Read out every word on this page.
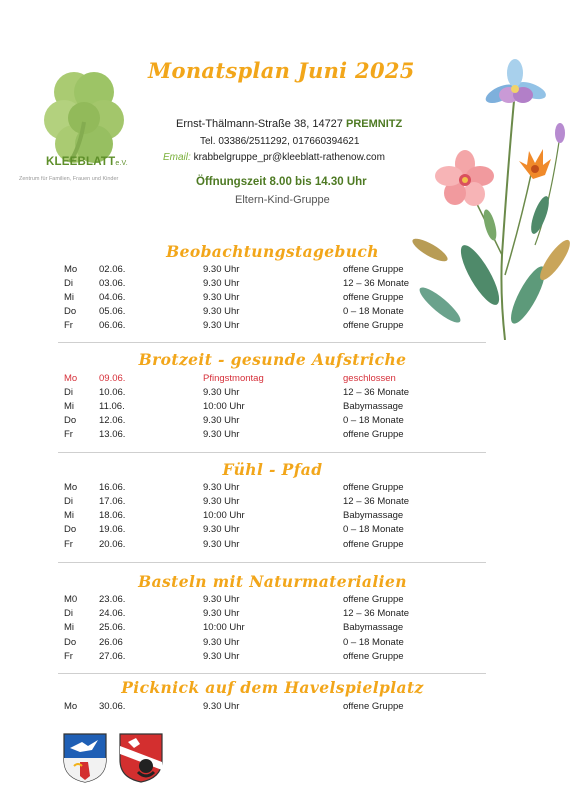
Monatsplan Juni 2025
KLEEBLATTe.V.
Zentrum für Familien, Frauen und Kinder
Ernst-Thälmann-Straße 38, 14727 PREMNITZ
Tel. 03386/2511292, 017660394621
Email: krabbelgruppe_pr@kleeblatt-rathenow.com
Öffnungszeit 8.00 bis 14.30 Uhr
Eltern-Kind-Gruppe
Beobachtungstagebuch
Mo 02.06.	9.30 Uhr	offene Gruppe
Di	03.06.	9.30 Uhr	12 – 36 Monate
Mi	04.06.	9.30 Uhr	offene Gruppe
Do 05.06.	9.30 Uhr	0 – 18 Monate
Fr	06.06.	9.30 Uhr	offene Gruppe
Brotzeit - gesunde Aufstriche
Mo 09.06.	Pfingstmontag	geschlossen
Di	10.06.	9.30 Uhr	12 – 36 Monate
Mi	11.06.	10:00 Uhr	Babymassage
Do 12.06.	9.30 Uhr	0 – 18 Monate
Fr	13.06.	9.30 Uhr	offene Gruppe
Fühl - Pfad
Mo 16.06.	9.30 Uhr	offene Gruppe
Di	17.06.	9.30 Uhr	12 – 36 Monate
Mi	18.06.	10:00 Uhr	Babymassage
Do 19.06.	9.30 Uhr	0 – 18 Monate
Fr	20.06.	9.30 Uhr	offene Gruppe
Basteln mit Naturmaterialien
M0 23.06.	9.30 Uhr	offene Gruppe
Di	24.06.	9.30 Uhr	12 – 36 Monate
Mi	25.06.	10:00 Uhr	Babymassage
Do 26.06	9.30 Uhr	0 – 18 Monate
Fr	27.06.	9.30 Uhr	offene Gruppe
Picknick auf dem Havelspielplatz
Mo 30.06.	9.30 Uhr	offene Gruppe
